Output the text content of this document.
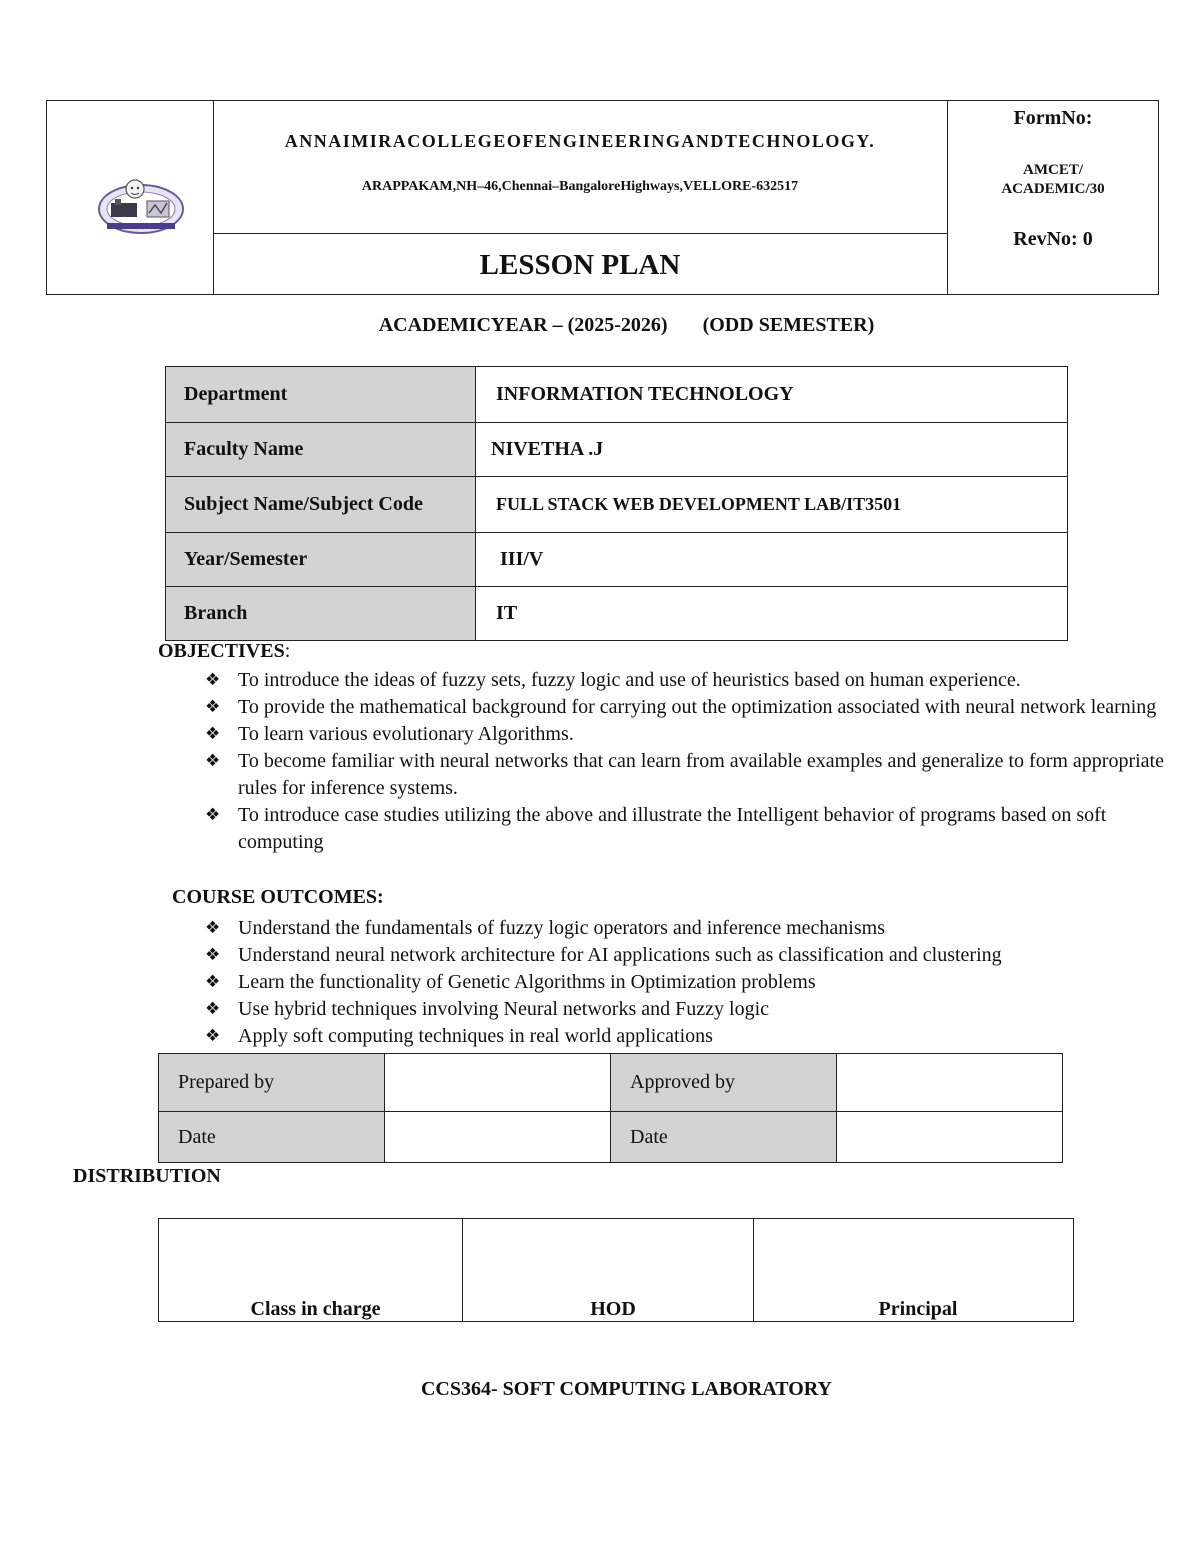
ANNAIMIRACOLLEGEOFENGINEERINGANDTECHNOLOGY.
ARAPPAKAM,NH–46,Chennai–BangaloreHighways,VELLORE-632517
LESSON PLAN
FormNo:
AMCET/
ACADEMIC/30
RevNo: 0
ACADEMICYEAR – (2025-2026)       (ODD SEMESTER)
Department	INFORMATION TECHNOLOGY
Faculty Name	NIVETHA .J
Subject Name/Subject Code	FULL STACK WEB DEVELOPMENT LAB/IT3501
Year/Semester	III/V
Branch	IT
OBJECTIVES:
❖ To introduce the ideas of fuzzy sets, fuzzy logic and use of heuristics based on human experience.
❖ To provide the mathematical background for carrying out the optimization associated with neural network learning
❖ To learn various evolutionary Algorithms.
❖ To become familiar with neural networks that can learn from available examples and generalize to form appropriate rules for inference systems.
❖ To introduce case studies utilizing the above and illustrate the Intelligent behavior of programs based on soft computing
COURSE OUTCOMES:
❖ Understand the fundamentals of fuzzy logic operators and inference mechanisms
❖ Understand neural network architecture for AI applications such as classification and clustering
❖ Learn the functionality of Genetic Algorithms in Optimization problems
❖ Use hybrid techniques involving Neural networks and Fuzzy logic
❖ Apply soft computing techniques in real world applications
Prepared by		Approved by	
Date		Date	
DISTRIBUTION
Class in charge	HOD	Principal
CCS364- SOFT COMPUTING LABORATORY
